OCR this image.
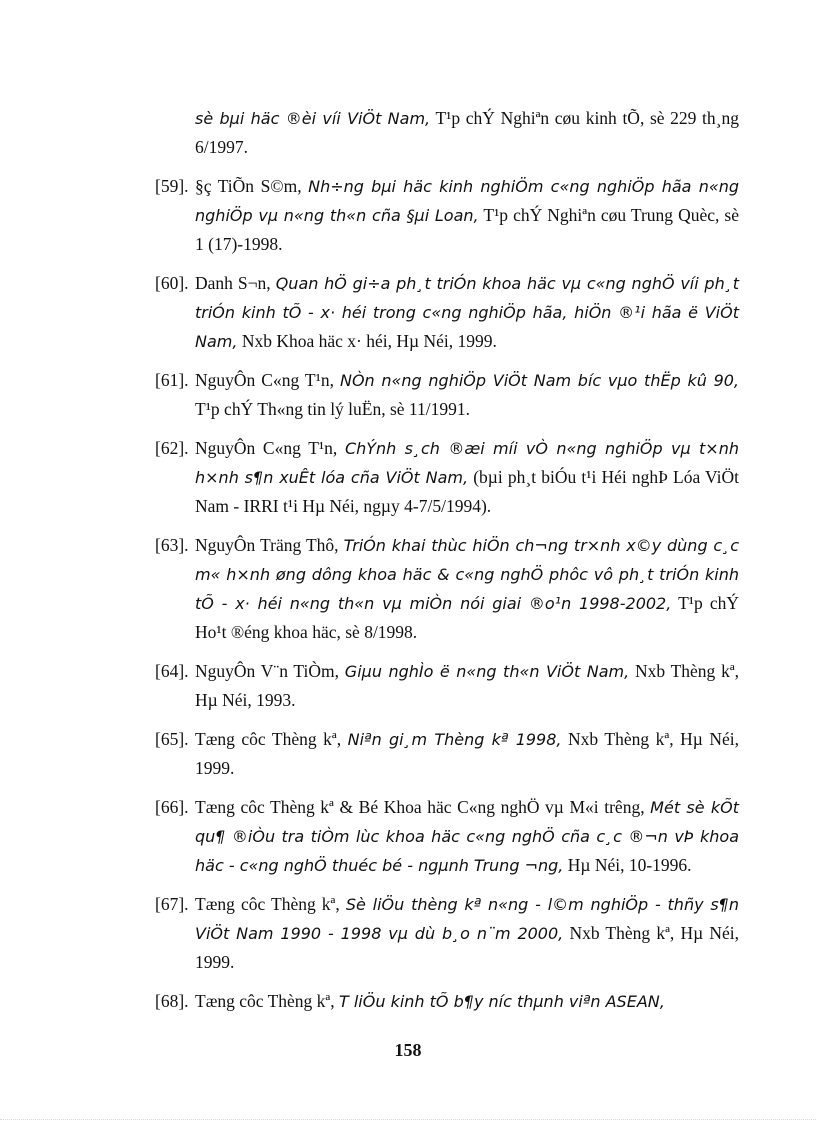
sè bµi häc ®èi víi ViÖt Nam, T¹p chÝ Nghiªn cøu kinh tÕ, sè 229 th¸ng 6/1997.
[59]. §ç TiÕn S©m, Nh÷ng bµi häc kinh nghiÖm c«ng nghiÖp hãa n«ng nghiÖp vµ n«ng th«n cña §µi Loan, T¹p chÝ Nghiªn cøu Trung Quèc, sè 1 (17)-1998.
[60]. Danh S¬n, Quan hÖ gi÷a ph¸t triÓn khoa häc vµ c«ng nghÖ víi ph¸t triÓn kinh tÕ - x· héi trong c«ng nghiÖp hãa, hiÖn ®¹i hãa ë ViÖt Nam, Nxb Khoa häc x· héi, Hµ Néi, 1999.
[61]. NguyÔn C«ng T¹n, NÒn n«ng nghiÖp ViÖt Nam bíc vµo thËp kû 90, T¹p chÝ Th«ng tin lý luËn, sè 11/1991.
[62]. NguyÔn C«ng T¹n, ChÝnh s¸ch ®æi míi vÒ n«ng nghiÖp vµ t×nh h×nh s¶n xuÊt lóa cña ViÖt Nam, (bµi ph¸t biÓu t¹i Héi nghÞ Lóa ViÖt Nam - IRRI t¹i Hµ Néi, ngµy 4-7/5/1994).
[63]. NguyÔn Träng Thô, TriÓn khai thùc hiÖn ch¬ng tr×nh x©y dùng c¸c m« h×nh øng dông khoa häc & c«ng nghÖ phôc vô ph¸t triÓn kinh tÕ - x· héi n«ng th«n vµ miÒn nói giai ®o¹n 1998-2002, T¹p chÝ Ho¹t ®éng khoa häc, sè 8/1998.
[64]. NguyÔn V¨n TiÒm, Giµu nghÌo ë n«ng th«n ViÖt Nam, Nxb Thèng kª, Hµ Néi, 1993.
[65]. Tæng côc Thèng kª, Niªn gi¸m Thèng kª 1998, Nxb Thèng kª, Hµ Néi, 1999.
[66]. Tæng côc Thèng kª & Bé Khoa häc C«ng nghÖ vµ M«i trêng, Mét sè kÕt qu¶ ®iÒu tra tiÒm lùc khoa häc c«ng nghÖ cña c¸c ®¬n vÞ khoa häc - c«ng nghÖ thuéc bé - ngµnh Trung ¬ng, Hµ Néi, 10-1996.
[67]. Tæng côc Thèng kª, Sè liÖu thèng kª n«ng - l©m nghiÖp - thñy s¶n ViÖt Nam 1990 - 1998 vµ dù b¸o n¨m 2000, Nxb Thèng kª, Hµ Néi, 1999.
[68]. Tæng côc Thèng kª, T liÖu kinh tÕ b¶y níc thµnh viªn ASEAN,
158
